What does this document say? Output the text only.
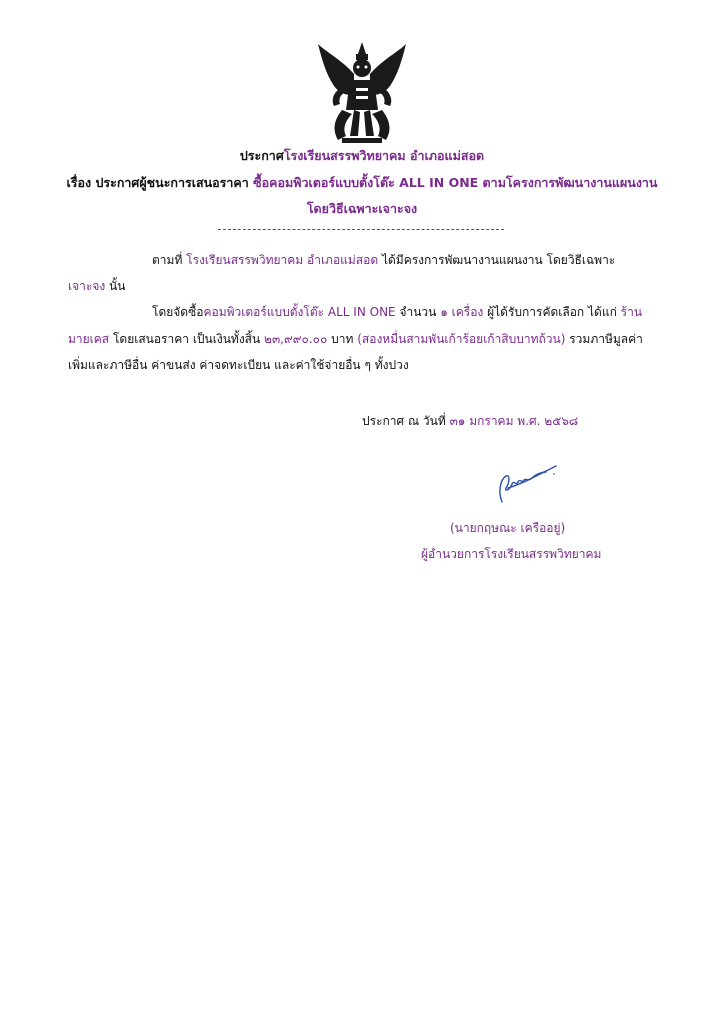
ประกาศโรงเรียนสรรพวิทยาคม อำเภอแม่สอด
เรื่อง ประกาศผู้ชนะการเสนอราคา ซื้อคอมพิวเตอร์แบบตั้งโต๊ะ ALL IN ONE ตามโครงการพัฒนางานแผนงาน
โดยวิธีเฉพาะเจาะจง
ตามที่ โรงเรียนสรรพวิทยาคม อำเภอแม่สอด ได้มีครงการพัฒนางานแผนงาน โดยวิธีเฉพาะ
เจาะจง นั้น
โดยจัดซื้อคอมพิวเตอร์แบบตั้งโต๊ะ ALL IN ONE จำนวน ๑ เครื่อง ผู้ได้รับการคัดเลือก ได้แก่ ร้าน
มายเคส โดยเสนอราคา เป็นเงินทั้งสิ้น ๒๓,๙๙๐.๐๐ บาท (สองหมื่นสามพันเก้าร้อยเก้าสิบบาทถ้วน) รวมภาษีมูลค่า
เพิ่มและภาษีอื่น ค่าขนส่ง ค่าจดทะเบียน และค่าใช้จ่ายอื่น ๆ ทั้งปวง
ประกาศ ณ วันที่ ๓๑ มกราคม พ.ศ. ๒๕๖๘
(นายกฤษณะ เครืออยู่)
ผู้อำนวยการโรงเรียนสรรพวิทยาคม
